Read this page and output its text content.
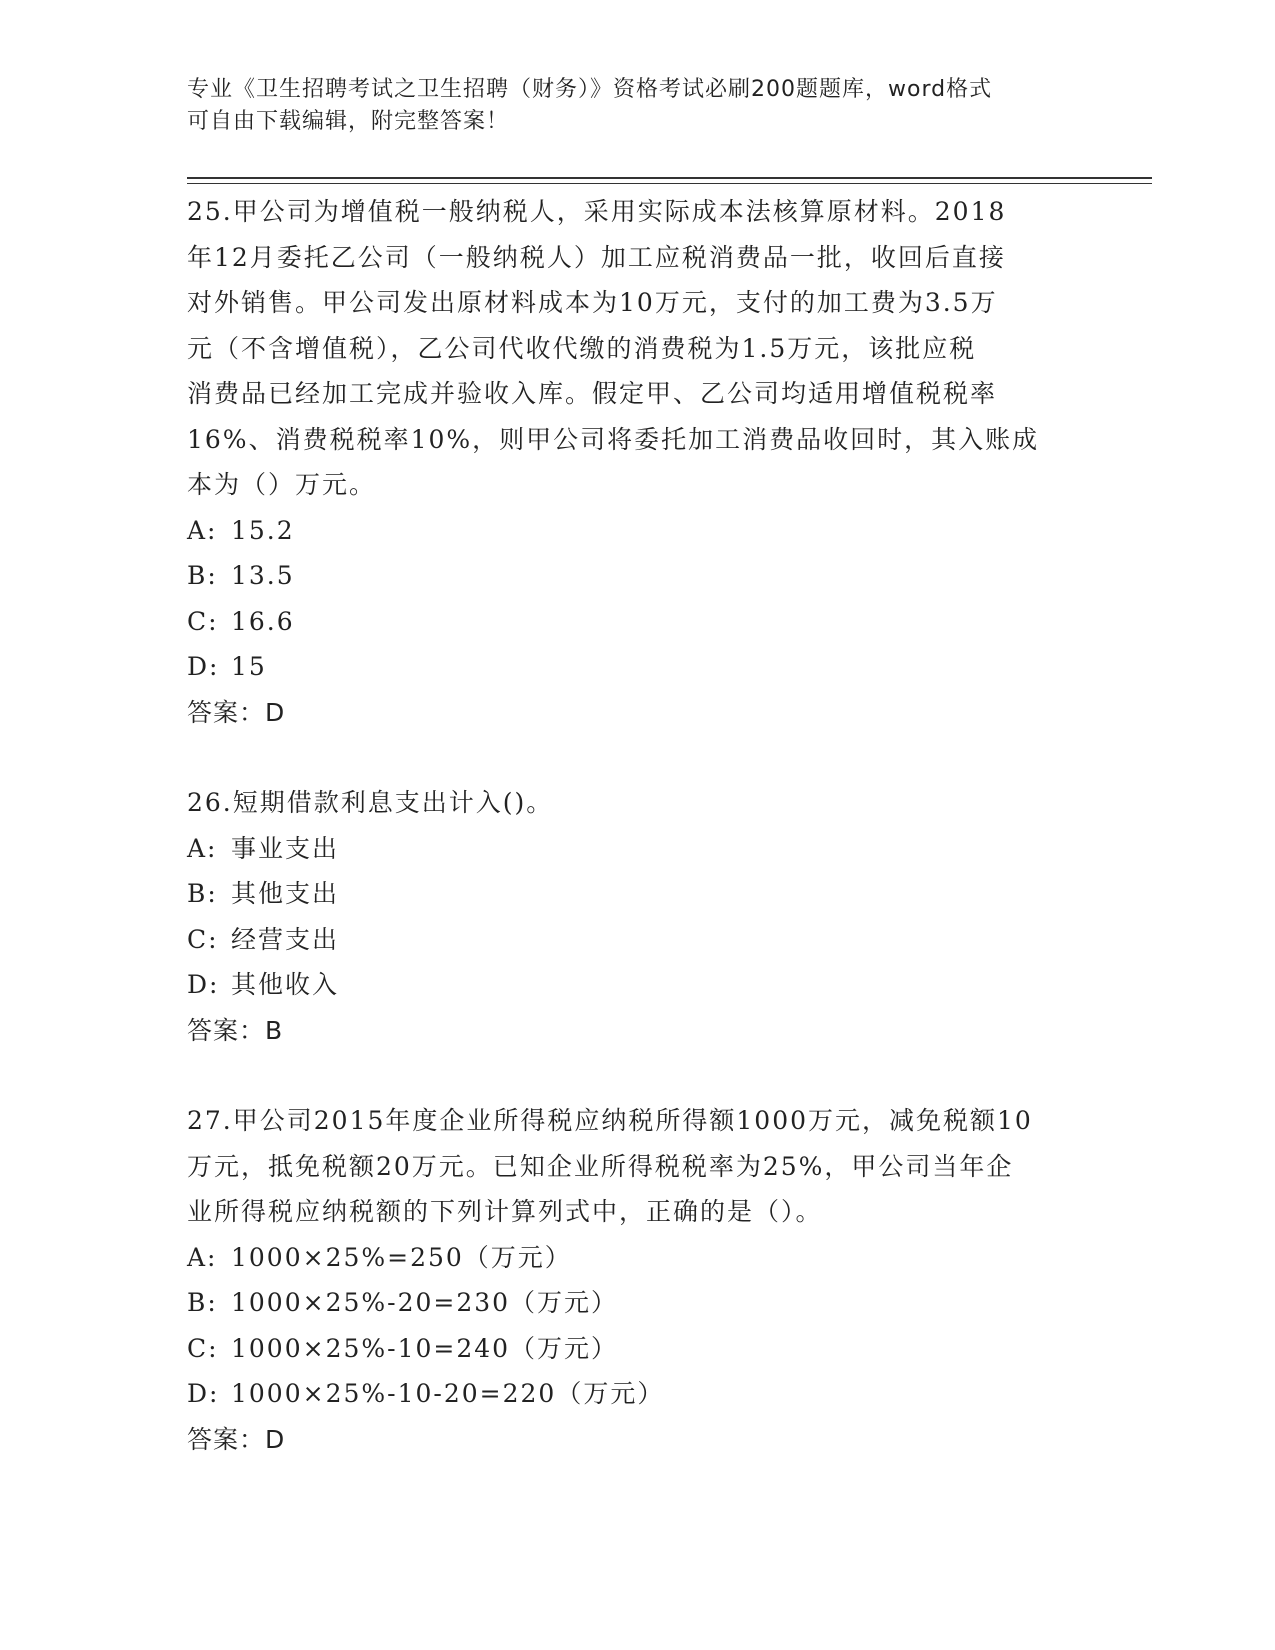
专业《卫生招聘考试之卫生招聘（财务）》资格考试必刷200题题库，word格式
可自由下载编辑，附完整答案！

25.甲公司为增值税一般纳税人，采用实际成本法核算原材料。2018
年12月委托乙公司（一般纳税人）加工应税消费品一批，收回后直接
对外销售。甲公司发出原材料成本为10万元，支付的加工费为3.5万
元（不含增值税），乙公司代收代缴的消费税为1.5万元，该批应税
消费品已经加工完成并验收入库。假定甲、乙公司均适用增值税税率
16%、消费税税率10%，则甲公司将委托加工消费品收回时，其入账成
本为（）万元。

A: 15.2
B: 13.5
C: 16.6
D: 15

答案：D

26.短期借款利息支出计入()。

A: 事业支出
B: 其他支出
C: 经营支出
D: 其他收入

答案：B

27.甲公司2015年度企业所得税应纳税所得额1000万元，减免税额10
万元，抵免税额20万元。已知企业所得税税率为25%，甲公司当年企
业所得税应纳税额的下列计算列式中，正确的是（）。

A: 1000×25%=250（万元）
B: 1000×25%-20=230（万元）
C: 1000×25%-10=240（万元）
D: 1000×25%-10-20=220（万元）

答案：D
